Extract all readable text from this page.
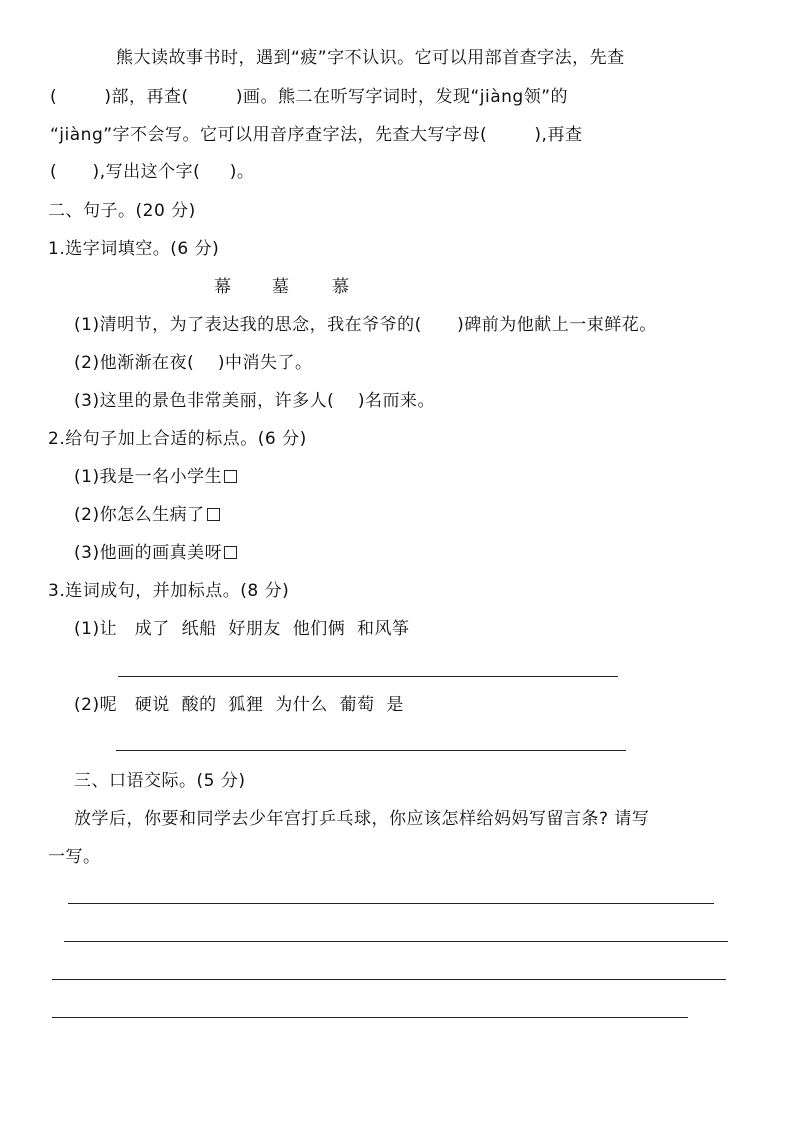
熊大读故事书时，遇到“疲”字不认识。它可以用部首查字法，先查
(        )部，再查(        )画。熊二在听写字词时，发现“jiàng领”的
“jiàng”字不会写。它可以用音序查字法，先查大写字母(        ),再查
(      ),写出这个字(     )。
二、句子。(20 分)
1.选字词填空。(6 分)
幕 墓	慕
(1)清明节，为了表达我的思念，我在爷爷的(      )碑前为他献上一束鲜花。
(2)他渐渐在夜(    )中消失了。
(3)这里的景色非常美丽，许多人(    )名而来。
2.给句子加上合适的标点。(6 分)
(1)我是一名小学生
(2)你怎么生病了
(3)他画的画真美呀
3.连词成句，并加标点。(8 分)
(1)让   成了  纸船  好朋友  他们俩  和风筝
(2)呢   硬说  酸的  狐狸  为什么  葡萄  是
三、口语交际。(5 分)
放学后，你要和同学去少年宫打乒乓球，你应该怎样给妈妈写留言条? 请写
一写。
